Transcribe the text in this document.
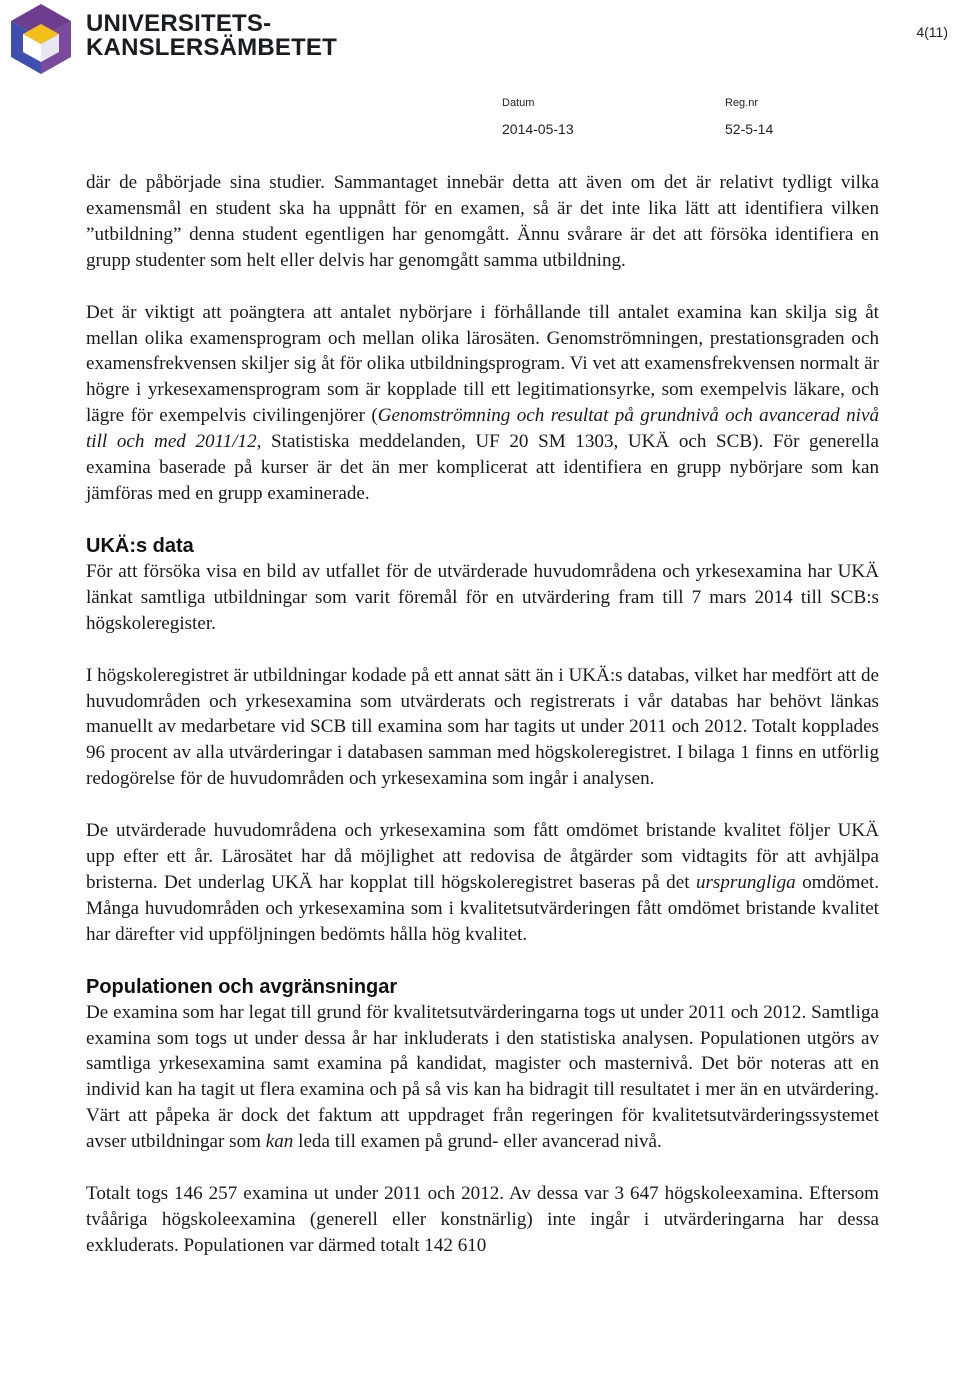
UNIVERSITETS-
KANSLERSÄMBETET
4(11)
Datum
2014-05-13
Reg.nr
52-5-14

där de påbörjade sina studier. Sammantaget innebär detta att även om det är relativt tydligt vilka examensmål en student ska ha uppnått för en examen, så är det inte lika lätt att identifiera vilken ”utbildning” denna student egentligen har genomgått. Ännu svårare är det att försöka identifiera en grupp studenter som helt eller delvis har genomgått samma utbildning.

Det är viktigt att poängtera att antalet nybörjare i förhållande till antalet examina kan skilja sig åt mellan olika examensprogram och mellan olika lärosäten. Genomströmningen, prestationsgraden och examensfrekvensen skiljer sig åt för olika utbildningsprogram. Vi vet att examensfrekvensen normalt är högre i yrkesexamensprogram som är kopplade till ett legitimationsyrke, som exempelvis läkare, och lägre för exempelvis civilingenjörer (Genomströmning och resultat på grundnivå och avancerad nivå till och med 2011/12, Statistiska meddelanden, UF 20 SM 1303, UKÄ och SCB). För generella examina baserade på kurser är det än mer komplicerat att identifiera en grupp nybörjare som kan jämföras med en grupp examinerade.

UKÄ:s data

För att försöka visa en bild av utfallet för de utvärderade huvudområdena och yrkesexamina har UKÄ länkat samtliga utbildningar som varit föremål för en utvärdering fram till 7 mars 2014 till SCB:s högskoleregister.

I högskoleregistret är utbildningar kodade på ett annat sätt än i UKÄ:s databas, vilket har medfört att de huvudområden och yrkesexamina som utvärderats och registrerats i vår databas har behövt länkas manuellt av medarbetare vid SCB till examina som har tagits ut under 2011 och 2012. Totalt kopplades 96 procent av alla utvärderingar i databasen samman med högskoleregistret. I bilaga 1 finns en utförlig redogörelse för de huvudområden och yrkesexamina som ingår i analysen.

De utvärderade huvudområdena och yrkesexamina som fått omdömet bristande kvalitet följer UKÄ upp efter ett år. Lärosätet har då möjlighet att redovisa de åtgärder som vidtagits för att avhjälpa bristerna. Det underlag UKÄ har kopplat till högskoleregistret baseras på det ursprungliga omdömet. Många huvudområden och yrkesexamina som i kvalitetsutvärderingen fått omdömet bristande kvalitet har därefter vid uppföljningen bedömts hålla hög kvalitet.

Populationen och avgränsningar

De examina som har legat till grund för kvalitetsutvärderingarna togs ut under 2011 och 2012. Samtliga examina som togs ut under dessa år har inkluderats i den statistiska analysen. Populationen utgörs av samtliga yrkesexamina samt examina på kandidat, magister och masternivå. Det bör noteras att en individ kan ha tagit ut flera examina och på så vis kan ha bidragit till resultatet i mer än en utvärdering. Värt att påpeka är dock det faktum att uppdraget från regeringen för kvalitetsutvärderingssystemet avser utbildningar som kan leda till examen på grund- eller avancerad nivå.

Totalt togs 146 257 examina ut under 2011 och 2012. Av dessa var 3 647 högskoleexamina. Eftersom tvååriga högskoleexamina (generell eller konstnärlig) inte ingår i utvärderingarna har dessa exkluderats. Populationen var därmed totalt 142 610
